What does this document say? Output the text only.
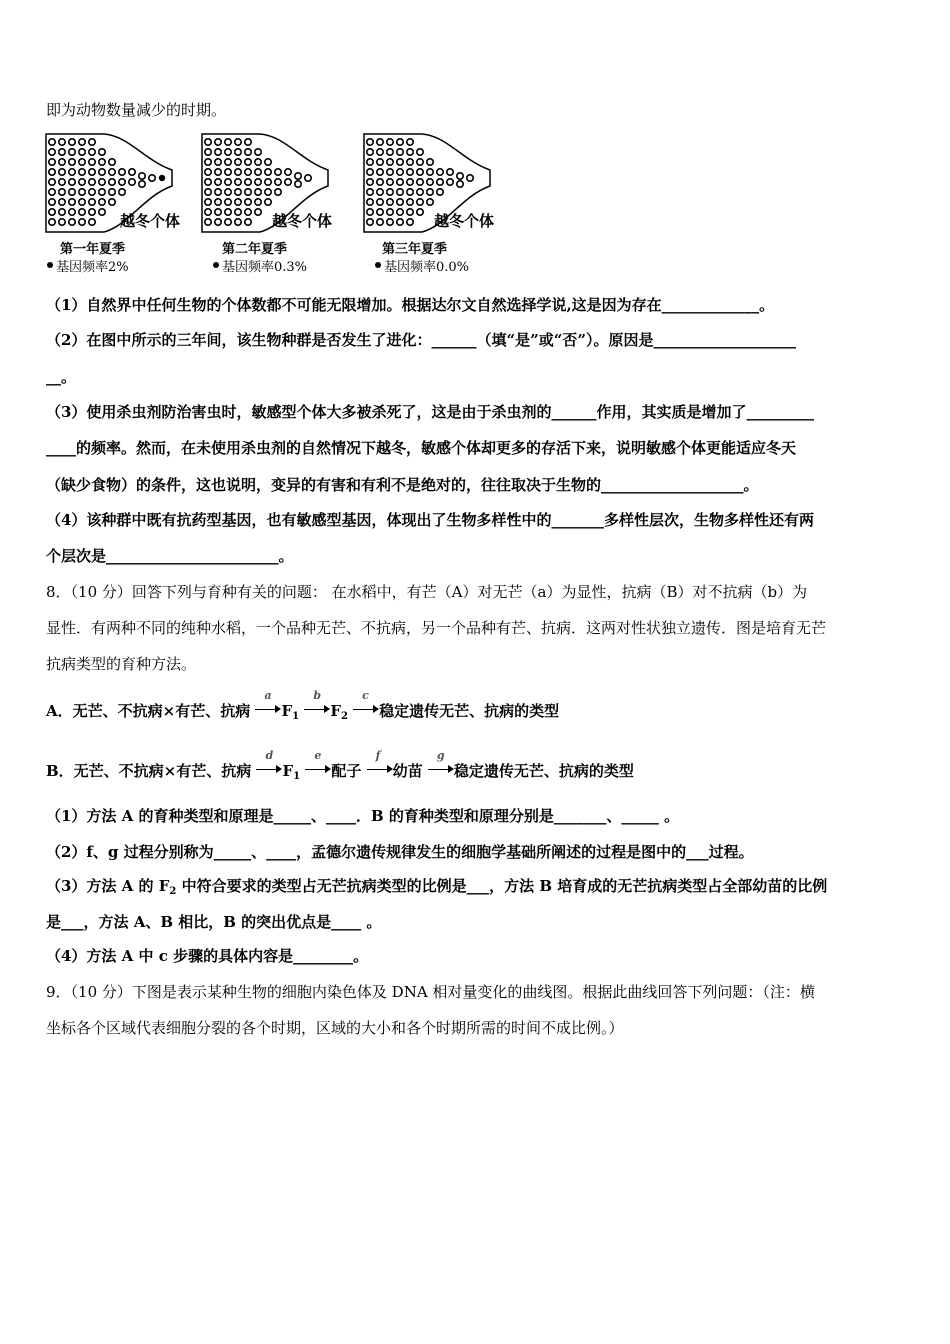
即为动物数量减少的时期。
越冬个体
第一年夏季
基因频率2%
越冬个体
第二年夏季
基因频率0.3%
越冬个体
第三年夏季
基因频率0.0%
（1）自然界中任何生物的个体数都不可能无限增加。根据达尔文自然选择学说,这是因为存在_____________。
（2）在图中所示的三年间，该生物种群是否发生了进化：______（填“是”或“否”）。原因是___________________
__。
（3）使用杀虫剂防治害虫时，敏感型个体大多被杀死了，这是由于杀虫剂的______作用，其实质是增加了_________
____的频率。然而，在未使用杀虫剂的自然情况下越冬，敏感个体却更多的存活下来，说明敏感个体更能适应冬天
（缺少食物）的条件，这也说明，变异的有害和有利不是绝对的，往往取决于生物的___________________。
（4）该种群中既有抗药型基因，也有敏感型基因，体现出了生物多样性中的_______多样性层次，生物多样性还有两
个层次是_______________________。
8．（10 分）回答下列与育种有关的问题： 在水稻中，有芒（A）对无芒（a）为显性，抗病（B）对不抗病（b）为
显性．有两种不同的纯种水稻，一个品种无芒、不抗病，另一个品种有芒、抗病．这两对性状独立遗传．图是培育无芒
抗病类型的育种方法。
A．无芒、不抗病×有芒、抗病
a
$F_1$
b
$F_2$
c
稳定遗传无芒、抗病的类型
B．无芒、不抗病×有芒、抗病
d
$F_1$
e
配子
f
幼苗
g
稳定遗传无芒、抗病的类型
（1）方法 A 的育种类型和原理是_____、____．B 的育种类型和原理分别是_______、_____ 。
（2）f、g 过程分别称为_____、____，孟德尔遗传规律发生的细胞学基础所阐述的过程是图中的___过程。
（3）方法 A 的 $F_2$ 中符合要求的类型占无芒抗病类型的比例是___，方法 B 培育成的无芒抗病类型占全部幼苗的比例
是___，方法 A、B 相比，B 的突出优点是____ 。
（4）方法 A 中 c 步骤的具体内容是________。
9．（10 分）下图是表示某种生物的细胞内染色体及 DNA 相对量变化的曲线图。根据此曲线回答下列问题：（注：横
坐标各个区域代表细胞分裂的各个时期，区域的大小和各个时期所需的时间不成比例。）
